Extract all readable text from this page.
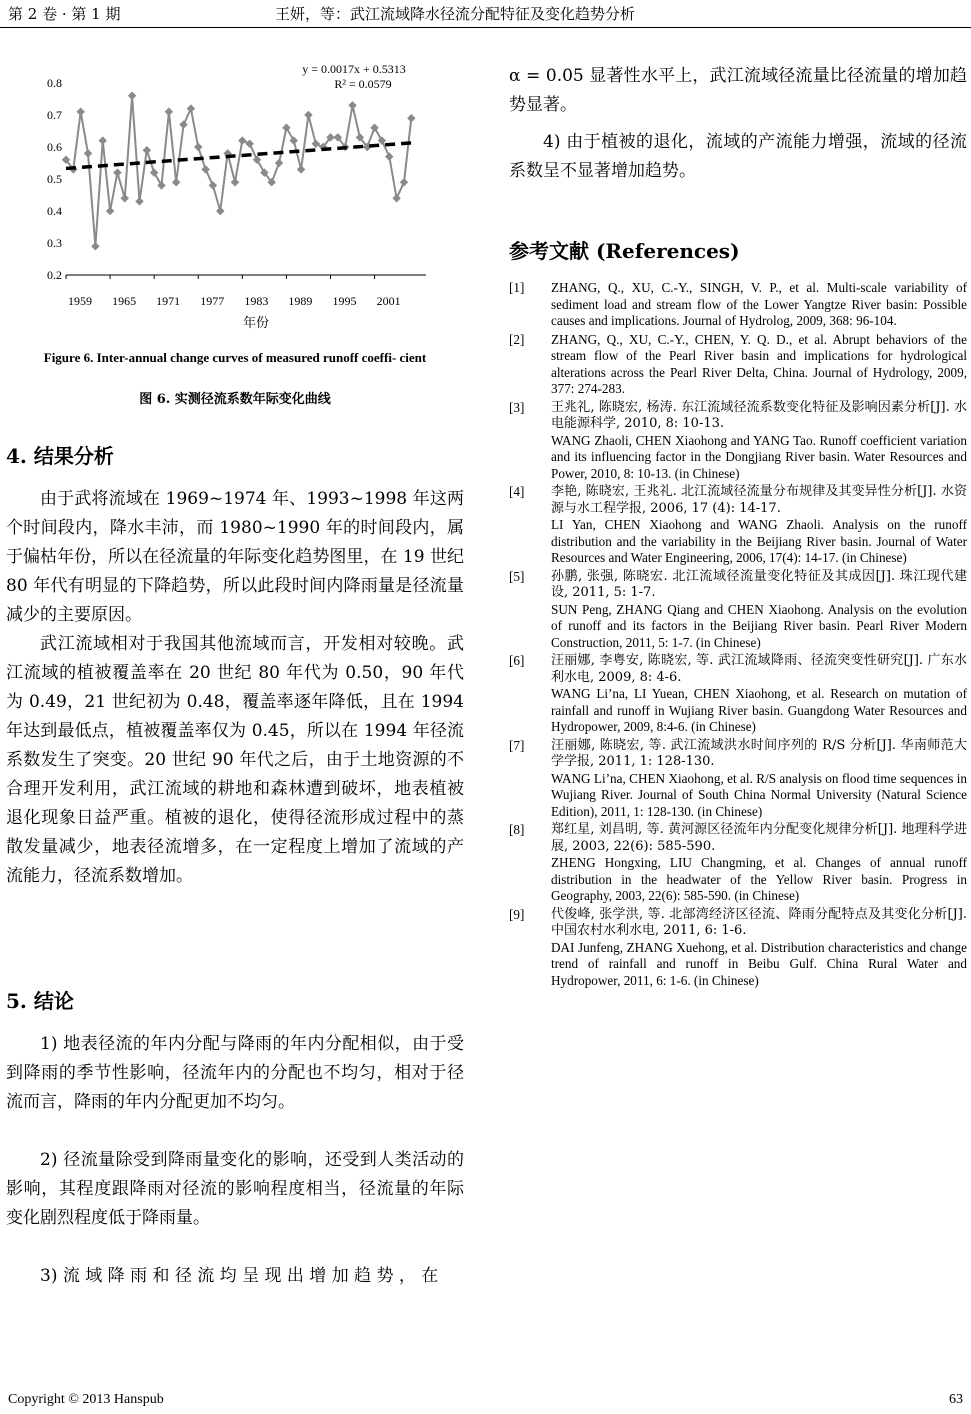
第 2 卷 · 第 1 期	王妍，等：武江流域降水径流分配特征及变化趋势分析
0.2
0.3
0.4
0.5
0.6
0.7
0.8
1959 1965 1971 1977 1983 1989 1995 2001
年份
y = 0.0017x + 0.5313
R² = 0.0579
Figure 6. Inter-annual change curves of measured runoff coeffi- cient
图 6. 实测径流系数年际变化曲线
4. 结果分析
由于武将流域在 1969~1974 年、1993~1998 年这两个时间段内，降水丰沛，而 1980~1990 年的时间段内，属于偏枯年份，所以在径流量的年际变化趋势图里，在 19 世纪 80 年代有明显的下降趋势，所以此段时间内降雨量是径流量减少的主要原因。
武江流域相对于我国其他流域而言，开发相对较晚。武江流域的植被覆盖率在 20 世纪 80 年代为 0.50，90 年代为 0.49，21 世纪初为 0.48，覆盖率逐年降低，且在 1994 年达到最低点，植被覆盖率仅为 0.45，所以在 1994 年径流系数发生了突变。20 世纪 90 年代之后，由于土地资源的不合理开发利用，武江流域的耕地和森林遭到破坏，地表植被退化现象日益严重。植被的退化，使得径流形成过程中的蒸散发量减少，地表径流增多，在一定程度上增加了流域的产流能力，径流系数增加。
5. 结论
1) 地表径流的年内分配与降雨的年内分配相似，由于受到降雨的季节性影响，径流年内的分配也不均匀，相对于径流而言，降雨的年内分配更加不均匀。
2) 径流量除受到降雨量变化的影响，还受到人类活动的影响，其程度跟降雨对径流的影响程度相当，径流量的年际变化剧烈程度低于降雨量。
3) 流 域 降 雨 和 径 流 均 呈 现 出 增 加 趋 势 ， 在
α = 0.05 显著性水平上，武江流域径流量比径流量的增加趋势显著。
4) 由于植被的退化，流域的产流能力增强，流域的径流系数呈不显著增加趋势。
参考文献 (References)
[1]	ZHANG, Q., XU, C.-Y., SINGH, V. P., et al. Multi-scale variability of sediment load and stream flow of the Lower Yangtze River basin: Possible causes and implications. Journal of Hydrolog, 2009, 368: 96-104.
[2]	ZHANG, Q., XU, C.-Y., CHEN, Y. Q. D., et al. Abrupt behaviors of the stream flow of the Pearl River basin and implications for hydrological alterations across the Pearl River Delta, China. Journal of Hydrology, 2009, 377: 274-283.
[3]	王兆礼, 陈晓宏, 杨涛. 东江流域径流系数变化特征及影响因素分析[J]. 水电能源科学, 2010, 8: 10-13.
WANG Zhaoli, CHEN Xiaohong and YANG Tao. Runoff coefficient variation and its influencing factor in the Dongjiang River basin. Water Resources and Power, 2010, 8: 10-13. (in Chinese)
[4]	李艳, 陈晓宏, 王兆礼. 北江流域径流量分布规律及其变异性分析[J]. 水资源与水工程学报, 2006, 17 (4): 14-17.
LI Yan, CHEN Xiaohong and WANG Zhaoli. Analysis on the runoff distribution and the variability in the Beijiang River basin. Journal of Water Resources and Water Engineering, 2006, 17(4): 14-17. (in Chinese)
[5]	孙鹏, 张强, 陈晓宏. 北江流域径流量变化特征及其成因[J]. 珠江现代建设, 2011, 5: 1-7.
SUN Peng, ZHANG Qiang and CHEN Xiaohong. Analysis on the evolution of runoff and its factors in the Beijiang River basin. Pearl River Modern Construction, 2011, 5: 1-7. (in Chinese)
[6]	汪丽娜, 李粤安, 陈晓宏, 等. 武江流域降雨、径流突变性研究[J]. 广东水利水电, 2009, 8: 4-6.
WANG Li’na, LI Yuean, CHEN Xiaohong, et al. Research on mutation of rainfall and runoff in Wujiang River basin. Guangdong Water Resources and Hydropower, 2009, 8:4-6. (in Chinese)
[7]	汪丽娜, 陈晓宏, 等. 武江流域洪水时间序列的 R/S 分析[J]. 华南师范大学学报, 2011, 1: 128-130.
WANG Li’na, CHEN Xiaohong, et al. R/S analysis on flood time sequences in Wujiang River. Journal of South China Normal University (Natural Science Edition), 2011, 1: 128-130. (in Chinese)
[8]	郑红星, 刘昌明, 等. 黄河源区径流年内分配变化规律分析[J]. 地理科学进展, 2003, 22(6): 585-590.
ZHENG Hongxing, LIU Changming, et al. Changes of annual runoff distribution in the headwater of the Yellow River basin. Progress in Geography, 2003, 22(6): 585-590. (in Chinese)
[9]	代俊峰, 张学洪, 等. 北部湾经济区径流、降雨分配特点及其变化分析[J]. 中国农村水利水电, 2011, 6: 1-6.
DAI Junfeng, ZHANG Xuehong, et al. Distribution characteristics and change trend of rainfall and runoff in Beibu Gulf. China Rural Water and Hydropower, 2011, 6: 1-6. (in Chinese)
Copyright © 2013 Hanspub	63
